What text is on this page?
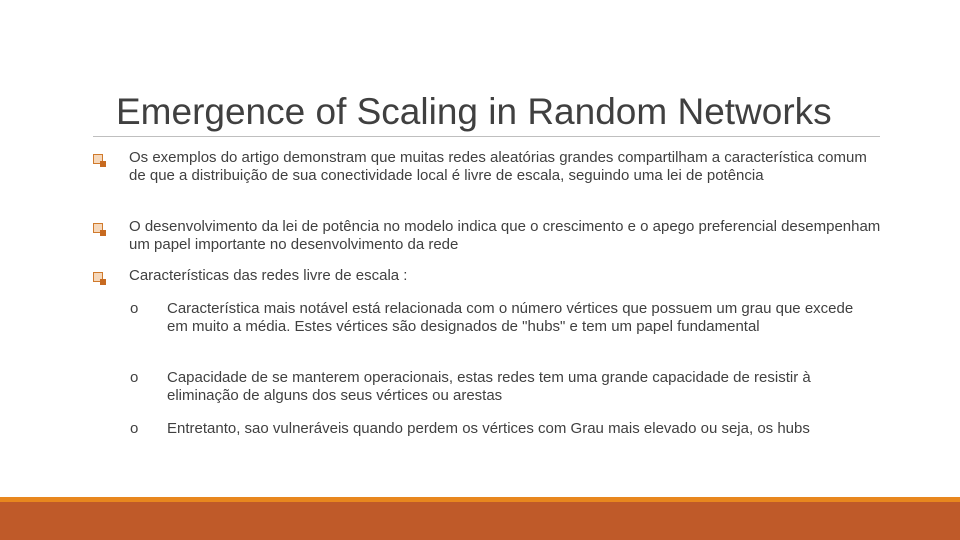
Emergence of Scaling in Random Networks
Os exemplos do artigo demonstram que muitas redes aleatórias grandes compartilham a característica comum de que a distribuição de sua conectividade local é livre de escala, seguindo uma lei de potência
O desenvolvimento da lei de potência no modelo indica que o crescimento e o apego preferencial desempenham um papel importante no desenvolvimento da rede
Características das redes livre de escala :
o Característica mais notável está relacionada com o número vértices que possuem um grau que excede em muito a média. Estes vértices são designados de "hubs" e tem um papel fundamental
o Capacidade de se manterem operacionais, estas redes tem uma grande capacidade de resistir à eliminação de alguns dos seus vértices ou arestas
o Entretanto, sao vulneráveis quando perdem os vértices com Grau mais elevado ou seja, os hubs
